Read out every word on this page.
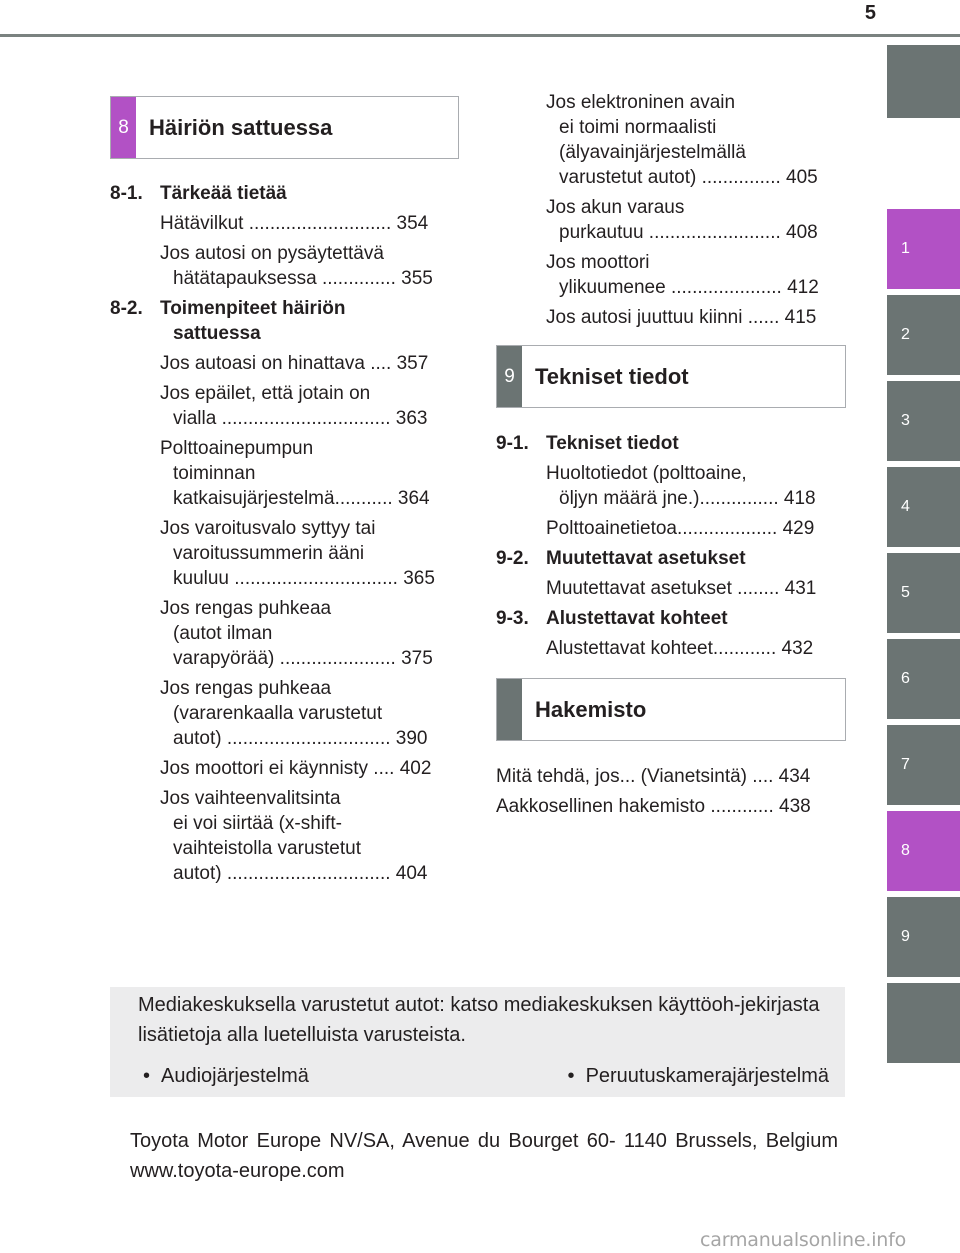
5
1
2
3
4
5
6
7
8
9
8 Häiriön sattuessa
8-1. Tärkeää tietää
Hätävilkut ........................... 354
Jos autosi on pysäytettävä
hätätapauksessa .............. 355
8-2. Toimenpiteet häiriön
sattuessa
Jos autoasi on hinattava .... 357
Jos epäilet, että jotain on
vialla ................................ 363
Polttoainepumpun
toiminnan
katkaisujärjestelmä........... 364
Jos varoitusvalo syttyy tai
varoitussummerin ääni
kuuluu ............................... 365
Jos rengas puhkeaa
(autot ilman
varapyörää) ...................... 375
Jos rengas puhkeaa
(vararenkaalla varustetut
autot) ............................... 390
Jos moottori ei käynnisty .... 402
Jos vaihteenvalitsinta
ei voi siirtää (x-shift-
vaihteistolla varustetut
autot) ............................... 404
Jos elektroninen avain
ei toimi normaalisti
(älyavainjärjestelmällä
varustetut autot) ............... 405
Jos akun varaus
purkautuu ......................... 408
Jos moottori
ylikuumenee ..................... 412
Jos autosi juuttuu kiinni ...... 415
9 Tekniset tiedot
9-1. Tekniset tiedot
Huoltotiedot (polttoaine,
öljyn määrä jne.)............... 418
Polttoainetietoa................... 429
9-2. Muutettavat asetukset
Muutettavat asetukset ........ 431
9-3. Alustettavat kohteet
Alustettavat kohteet............ 432
Hakemisto
Mitä tehdä, jos... (Vianetsintä) .... 434
Aakkosellinen hakemisto ............ 438
Mediakeskuksella varustetut autot: katso mediakeskuksen käyttöoh-jekirjasta lisätietoja alla luetelluista varusteista.
• Audiojärjestelmä	• Peruutuskamerajärjestelmä
Toyota Motor Europe NV/SA, Avenue du Bourget 60- 1140 Brussels, Belgium www.toyota-europe.com
carmanualsonline.info
